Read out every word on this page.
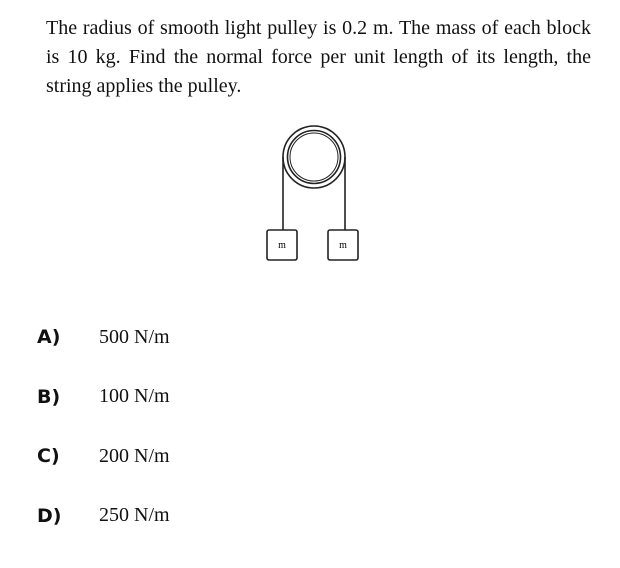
The radius of smooth light pulley is 0.2 m. The mass of each block is 10 kg. Find the normal force per unit length of its length, the string applies the pulley.

m	m
A)	500 N/m
B)	100 N/m
C)	200 N/m
D)	250 N/m
